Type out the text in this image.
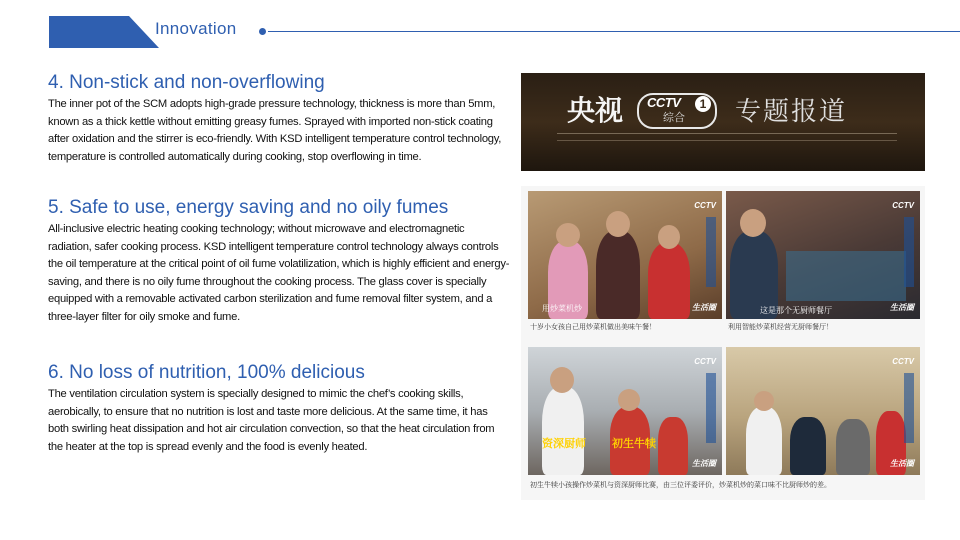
Innovation
4. Non-stick and non-overflowing

The inner pot of the SCM adopts high-grade pressure technology, thickness is more than 5mm, known as a thick kettle without emitting greasy fumes. Sprayed with imported non-stick coating after oxidation and the stirrer is eco-friendly. With KSD intelligent temperature control technology, temperature is controlled automatically during cooking, stop overflowing in time.

5. Safe to use, energy saving and no oily fumes

All-inclusive electric heating cooking technology; without microwave and electromagnetic radiation, safer cooking process. KSD intelligent temperature control technology always controls the oil temperature at the critical point of oil fume volatilization, which is highly efficient and energy-saving, and there is no oily fume throughout the cooking process. The glass cover is specially equipped with a removable activated carbon sterilization and fume removal filter system, and a three-layer filter for oily smoke and fume.

6. No loss of nutrition, 100% delicious

The ventilation circulation system is specially designed to mimic the chef’s cooking skills, aerobically, to ensure that no nutrition is lost and taste more delicious. At the same time, it has both swirling heat dissipation and hot air circulation convection, so that the heat circulation from the heater at the top is spread evenly and the food is evenly heated.

央视 CCTV	1
综合 专题报道
CCTV
用炒菜机炒	生活圈
十岁小女孩自己用炒菜机做出美味午餐！
CCTV
这是那个无厨师餐厅	生活圈
利用智能炒菜机经营无厨师餐厅！
CCTV
资深厨师 初生牛犊
生活圈
CCTV
生活圈
初生牛犊小孩操作炒菜机与资深厨师比赛，由三位评委评价，炒菜机炒的菜口味不比厨师炒的差。
